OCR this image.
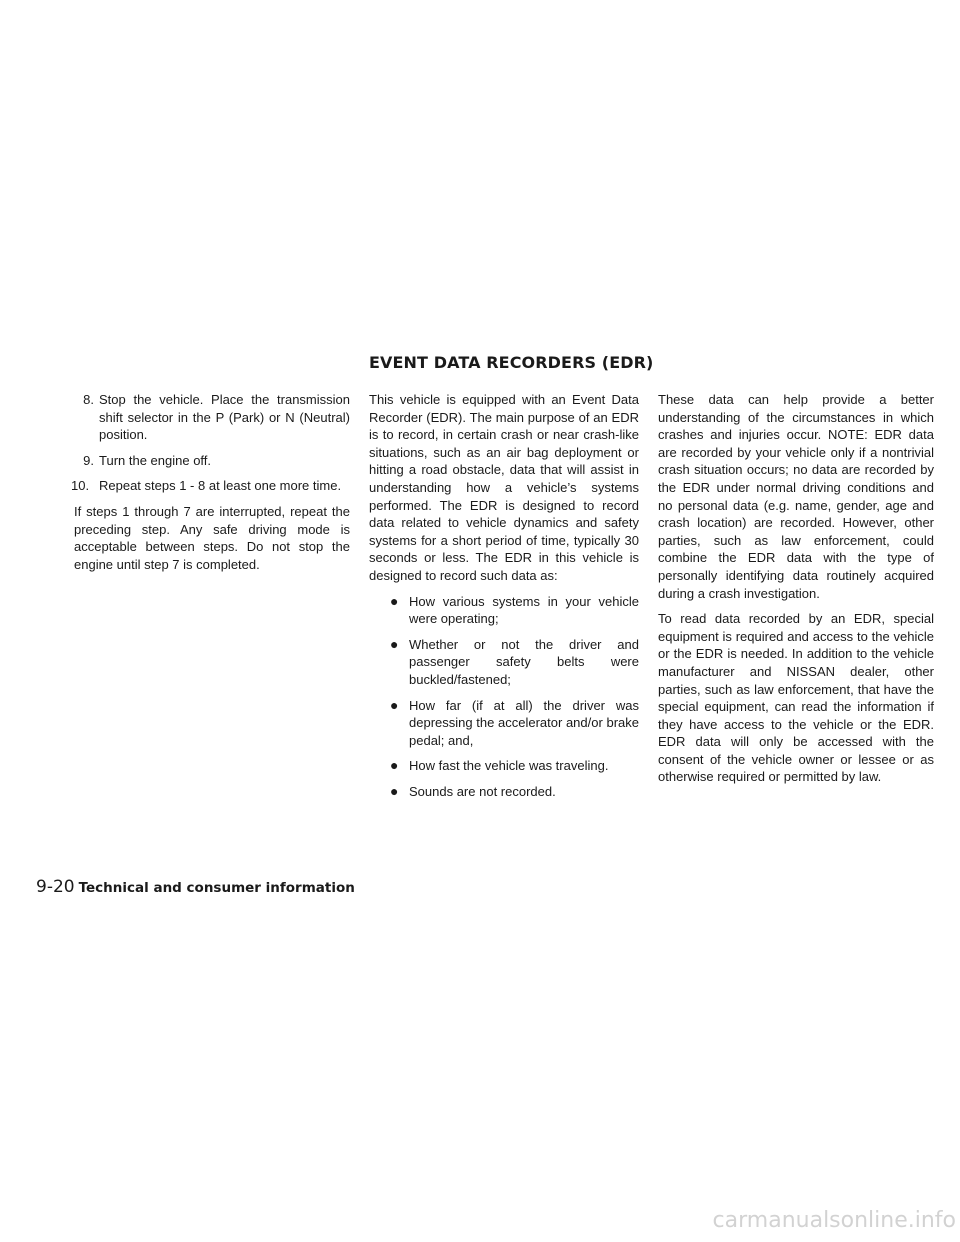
EVENT DATA RECORDERS (EDR)
8. Stop the vehicle. Place the transmission shift selector in the P (Park) or N (Neutral) position.
9. Turn the engine off.
10. Repeat steps 1 - 8 at least one more time.

If steps 1 through 7 are interrupted, repeat the preceding step. Any safe driving mode is acceptable between steps. Do not stop the engine until step 7 is completed.

This vehicle is equipped with an Event Data Recorder (EDR). The main purpose of an EDR is to record, in certain crash or near crash-like situations, such as an air bag deployment or hitting a road obstacle, data that will assist in understanding how a vehicle’s systems performed. The EDR is designed to record data related to vehicle dynamics and safety systems for a short period of time, typically 30 seconds or less. The EDR in this vehicle is designed to record such data as:

● How various systems in your vehicle were operating;
● Whether or not the driver and passenger safety belts were buckled/fastened;
● How far (if at all) the driver was depressing the accelerator and/or brake pedal; and,
● How fast the vehicle was traveling.
● Sounds are not recorded.

These data can help provide a better understanding of the circumstances in which crashes and injuries occur. NOTE: EDR data are recorded by your vehicle only if a nontrivial crash situation occurs; no data are recorded by the EDR under normal driving conditions and no personal data (e.g. name, gender, age and crash location) are recorded. However, other parties, such as law enforcement, could combine the EDR data with the type of personally identifying data routinely acquired during a crash investigation.

To read data recorded by an EDR, special equipment is required and access to the vehicle or the EDR is needed. In addition to the vehicle manufacturer and NISSAN dealer, other parties, such as law enforcement, that have the special equipment, can read the information if they have access to the vehicle or the EDR. EDR data will only be accessed with the consent of the vehicle owner or lessee or as otherwise required or permitted by law.

9-20 Technical and consumer information
carmanualsonline.info
